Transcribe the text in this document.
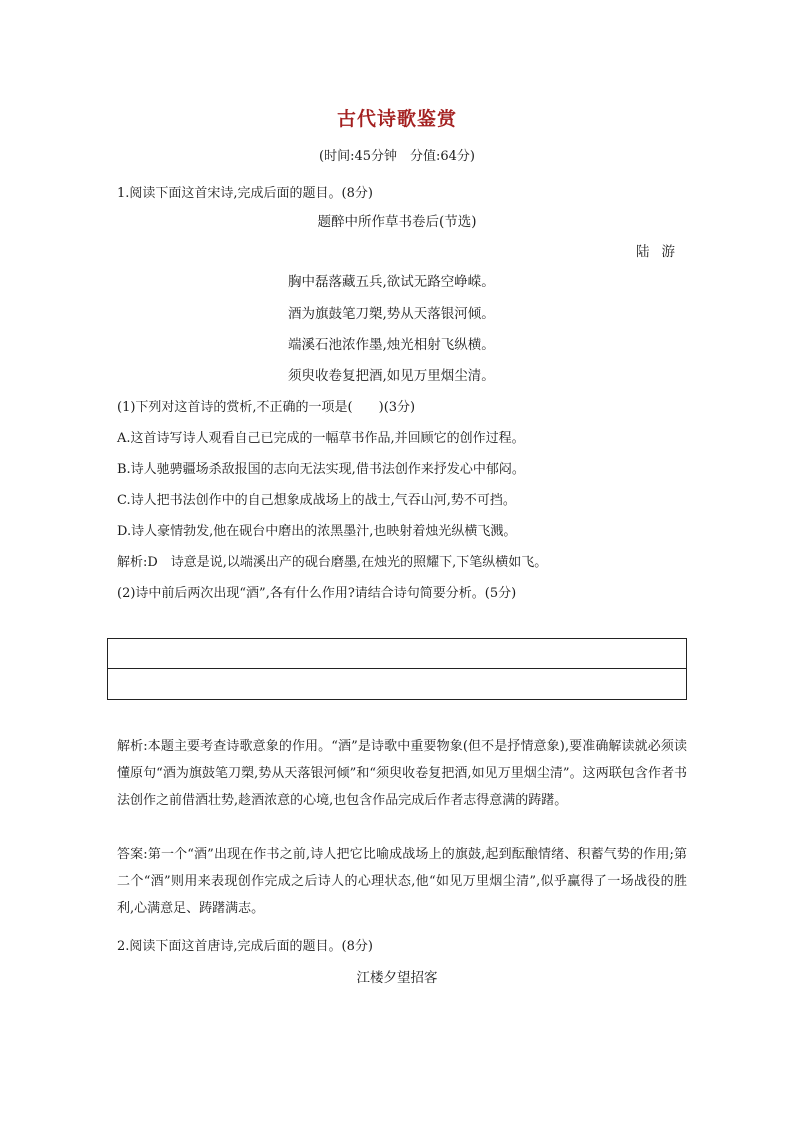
古代诗歌鉴赏
(时间:45分钟　分值:64分)
1.阅读下面这首宋诗,完成后面的题目。(8分)
题醉中所作草书卷后(节选)
陆游
胸中磊落藏五兵,欲试无路空峥嵘。
酒为旗鼓笔刀槊,势从天落银河倾。
端溪石池浓作墨,烛光相射飞纵横。
须臾收卷复把酒,如见万里烟尘清。
(1)下列对这首诗的赏析,不正确的一项是(　　)(3分)
A.这首诗写诗人观看自己已完成的一幅草书作品,并回顾它的创作过程。
B.诗人驰骋疆场杀敌报国的志向无法实现,借书法创作来抒发心中郁闷。
C.诗人把书法创作中的自己想象成战场上的战士,气吞山河,势不可挡。
D.诗人豪情勃发,他在砚台中磨出的浓黑墨汁,也映射着烛光纵横飞溅。
解析:D　诗意是说,以端溪出产的砚台磨墨,在烛光的照耀下,下笔纵横如飞。
(2)诗中前后两次出现“酒”,各有什么作用?请结合诗句简要分析。(5分)
解析:本题主要考查诗歌意象的作用。“酒”是诗歌中重要物象(但不是抒情意象),要准确解读就必须读懂原句“酒为旗鼓笔刀槊,势从天落银河倾”和“须臾收卷复把酒,如见万里烟尘清”。这两联包含作者书法创作之前借酒壮势,趁酒浓意的心境,也包含作品完成后作者志得意满的踌躇。
答案:第一个“酒”出现在作书之前,诗人把它比喻成战场上的旗鼓,起到酝酿情绪、积蓄气势的作用;第二个“酒”则用来表现创作完成之后诗人的心理状态,他“如见万里烟尘清”,似乎赢得了一场战役的胜利,心满意足、踌躇满志。
2.阅读下面这首唐诗,完成后面的题目。(8分)
江楼夕望招客
